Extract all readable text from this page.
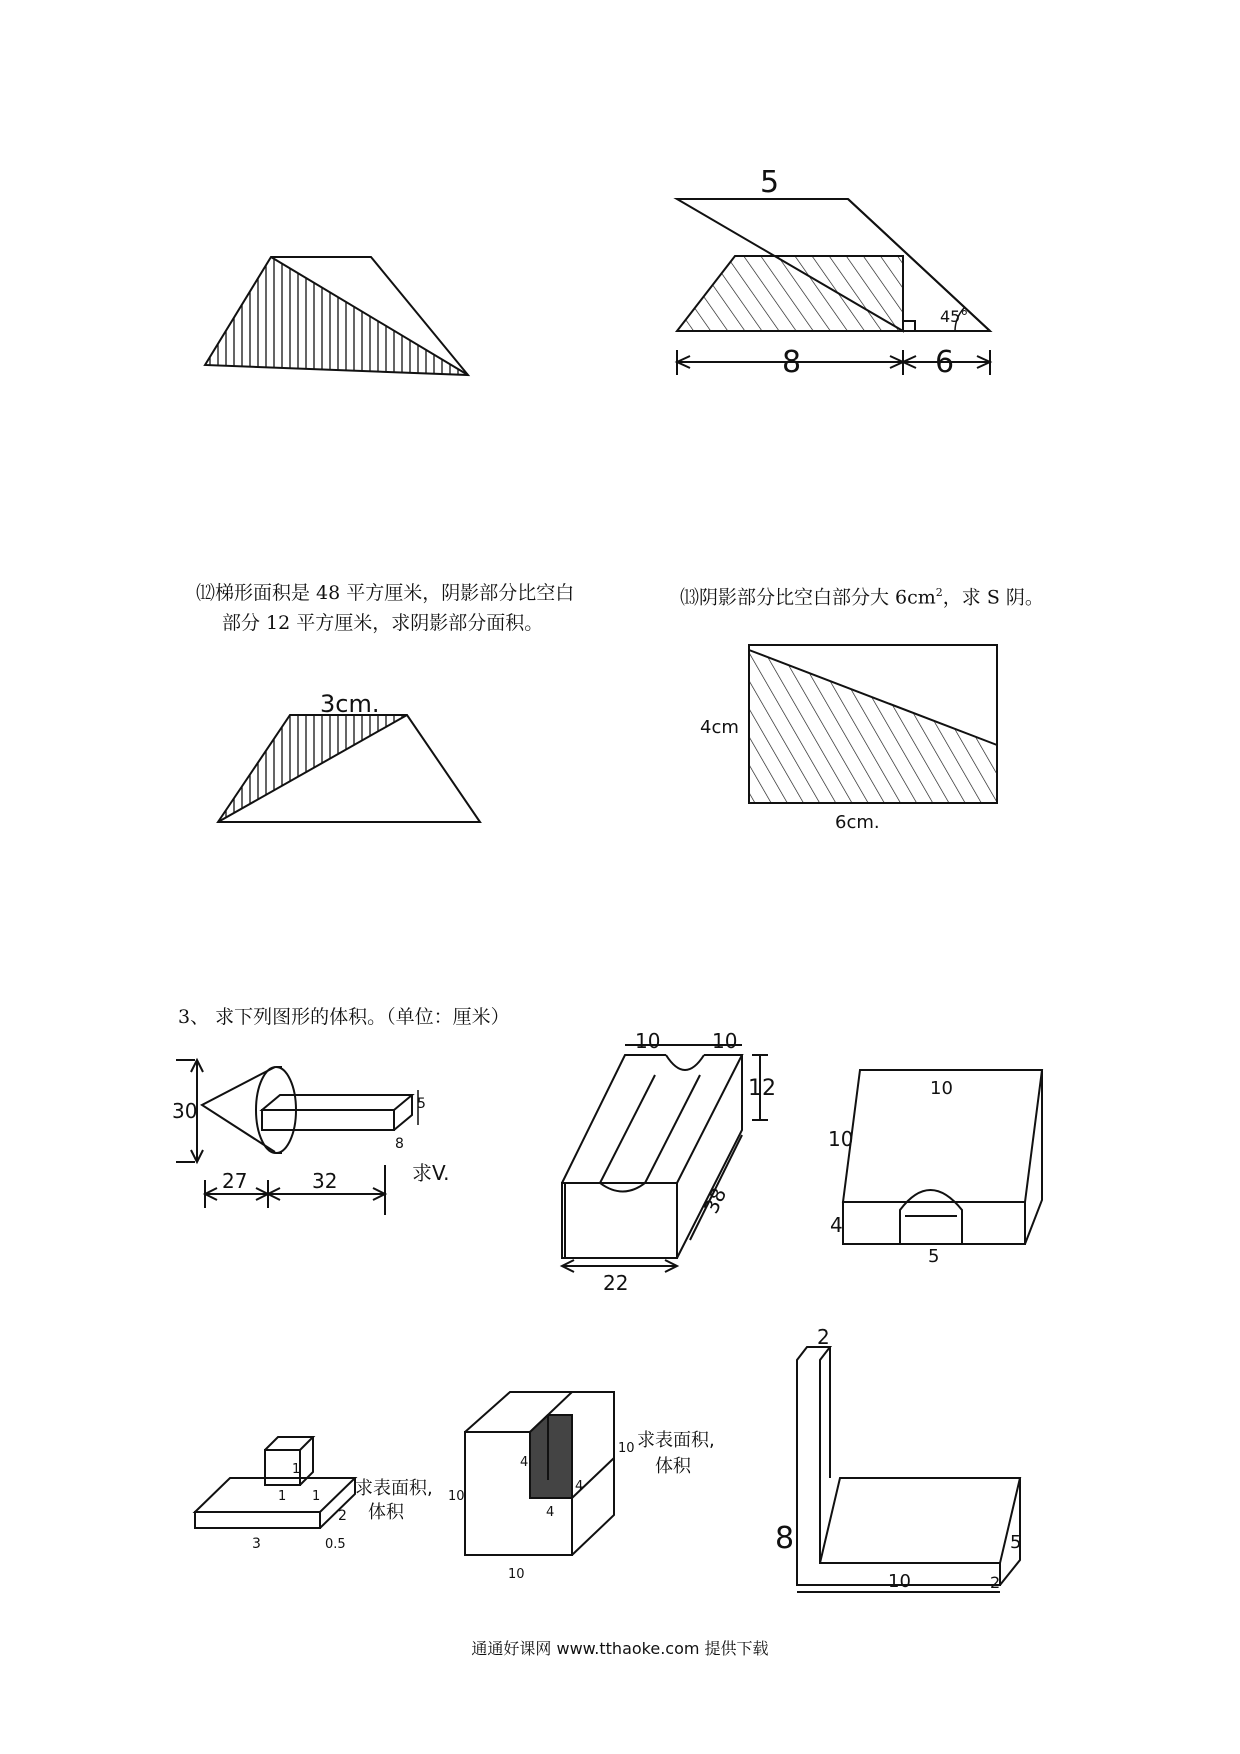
5
8	6
45°
3cm.
4cm
6cm.
30
27	32
5
8
求V.
10	10
12
38
22
10
10
4
5
1
1 1
3
2
0.5
求表面积,
体积
10
10
10
4
4
4
求表面积,
体积
2
8
10
5
2
⑿梯形面积是 48 平方厘米，阴影部分比空白
部分 12 平方厘米，求阴影部分面积。
⒀阴影部分比空白部分大 $6cm^2$，求 S 阴。
3、 求下列图形的体积。（单位：厘米）
通通好课网 www.tthaoke.com 提供下载
